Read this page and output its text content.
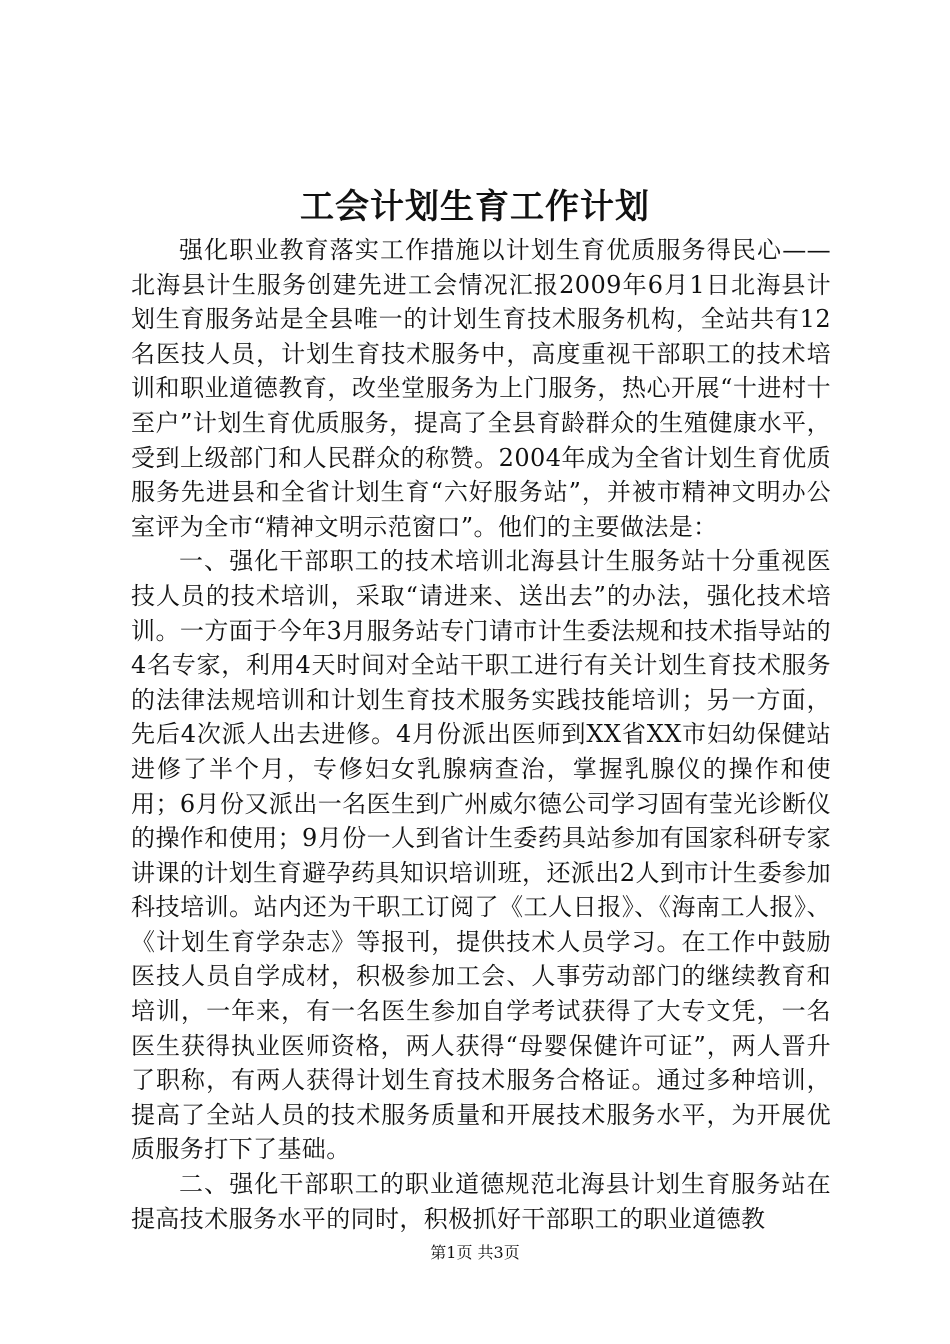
工会计划生育工作计划

强化职业教育落实工作措施以计划生育优质服务得民心——北海县计生服务创建先进工会情况汇报2009年6月1日北海县计划生育服务站是全县唯一的计划生育技术服务机构，全站共有12名医技人员，计划生育技术服务中，高度重视干部职工的技术培训和职业道德教育，改坐堂服务为上门服务，热心开展“十进村十至户”计划生育优质服务，提高了全县育龄群众的生殖健康水平，受到上级部门和人民群众的称赞。2004年成为全省计划生育优质服务先进县和全省计划生育“六好服务站”，并被市精神文明办公室评为全市“精神文明示范窗口”。他们的主要做法是：

一、强化干部职工的技术培训北海县计生服务站十分重视医技人员的技术培训，采取“请进来、送出去”的办法，强化技术培训。一方面于今年3月服务站专门请市计生委法规和技术指导站的4名专家，利用4天时间对全站干职工进行有关计划生育技术服务的法律法规培训和计划生育技术服务实践技能培训；另一方面，先后4次派人出去进修。4月份派出医师到XX省XX市妇幼保健站进修了半个月，专修妇女乳腺病查治，掌握乳腺仪的操作和使用；6月份又派出一名医生到广州威尔德公司学习固有莹光诊断仪的操作和使用；9月份一人到省计生委药具站参加有国家科研专家讲课的计划生育避孕药具知识培训班，还派出2人到市计生委参加科技培训。站内还为干职工订阅了《工人日报》、《海南工人报》、《计划生育学杂志》等报刊，提供技术人员学习。在工作中鼓励医技人员自学成材，积极参加工会、人事劳动部门的继续教育和培训，一年来，有一名医生参加自学考试获得了大专文凭，一名医生获得执业医师资格，两人获得“母婴保健许可证”，两人晋升了职称，有两人获得计划生育技术服务合格证。通过多种培训，提高了全站人员的技术服务质量和开展技术服务水平，为开展优质服务打下了基础。

二、强化干部职工的职业道德规范北海县计划生育服务站在提高技术服务水平的同时，积极抓好干部职工的职业道德教

第1页 共3页
